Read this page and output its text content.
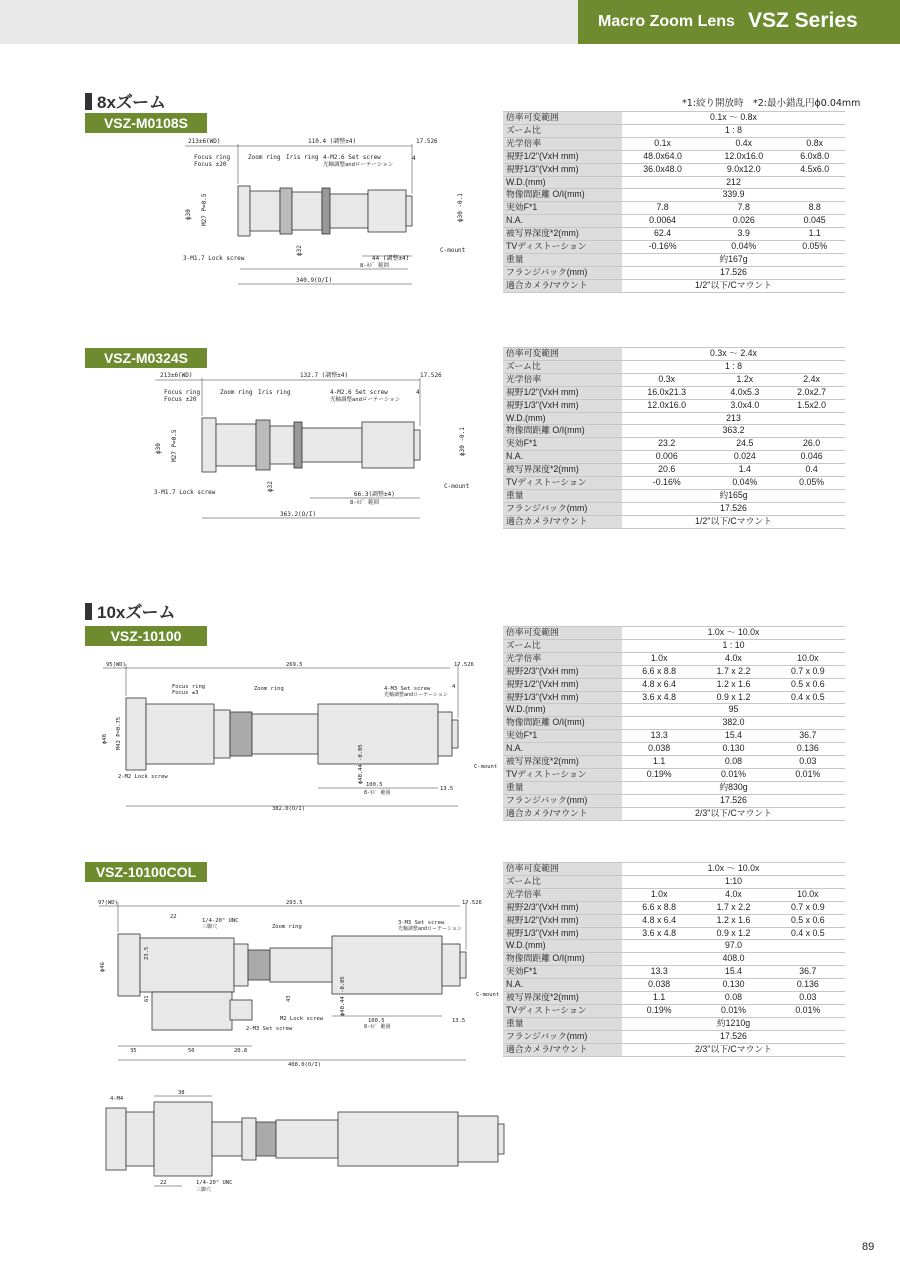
Macro Zoom Lens VSZ Series
8xズーム	*1:絞り開放時　*2:最小錯乱円ϕ0.04mm
10xズーム
VSZ-M0108S
VSZ-M0324S
VSZ-10100
VSZ-10100COL
倍率可変範囲	0.1x ～ 0.8x		
ズーム比	1 : 8		
光学倍率	0.1x	0.4x	0.8x
視野1/2"(VxH mm)	48.0x64.0	12.0x16.0	6.0x8.0
視野1/3"(VxH mm)	36.0x48.0	9.0x12.0	4.5x6.0
W.D.(mm)	212		
物像間距離 O/I(mm)	339.9		
実効F*1	7.8	7.8	8.8
N.A.	0.0064	0.026	0.045
被写界深度*2(mm)	62.4	3.9	1.1
TVディストーション	-0.16%	0.04%	0.05%
重量	約167g		
フランジバック(mm)	17.526		
適合カメラ/マウント	1/2"以下/Cマウント		
倍率可変範囲	0.3x ～ 2.4x		
ズーム比	1 : 8		
光学倍率	0.3x	1.2x	2.4x
視野1/2"(VxH mm)	16.0x21.3	4.0x5.3	2.0x2.7
視野1/3"(VxH mm)	12.0x16.0	3.0x4.0	1.5x2.0
W.D.(mm)	213		
物像間距離 O/I(mm)	363.2		
実効F*1	23.2	24.5	26.0
N.A.	0.006	0.024	0.046
被写界深度*2(mm)	20.6	1.4	0.4
TVディストーション	-0.16%	0.04%	0.05%
重量	約165g		
フランジバック(mm)	17.526		
適合カメラ/マウント	1/2"以下/Cマウント		
倍率可変範囲	1.0x ～ 10.0x		
ズーム比	1 : 10		
光学倍率	1.0x	4.0x	10.0x
視野2/3"(VxH mm)	6.6 x 8.8	1.7 x 2.2	0.7 x 0.9
視野1/2"(VxH mm)	4.8 x 6.4	1.2 x 1.6	0.5 x 0.6
視野1/3"(VxH mm)	3.6 x 4.8	0.9 x 1.2	0.4 x 0.5
W.D.(mm)	95		
物像間距離 O/I(mm)	382.0		
実効F*1	13.3	15.4	36.7
N.A.	0.038	0.130	0.136
被写界深度*2(mm)	1.1	0.08	0.03
TVディストーション	0.19%	0.01%	0.01%
重量	約830g		
フランジバック(mm)	17.526		
適合カメラ/マウント	2/3"以下/Cマウント		
倍率可変範囲	1.0x ～ 10.0x		
ズーム比	1:10		
光学倍率	1.0x	4.0x	10.0x
視野2/3"(VxH mm)	6.6 x 8.8	1.7 x 2.2	0.7 x 0.9
視野1/2"(VxH mm)	4.8 x 6.4	1.2 x 1.6	0.5 x 0.6
視野1/3"(VxH mm)	3.6 x 4.8	0.9 x 1.2	0.4 x 0.5
W.D.(mm)	97.0		
物像間距離 O/I(mm)	408.0		
実効F*1	13.3	15.4	36.7
N.A.	0.038	0.130	0.136
被写界深度*2(mm)	1.1	0.08	0.03
TVディストーション	0.19%	0.01%	0.01%
重量	約1210g		
フランジバック(mm)	17.526		
適合カメラ/マウント	2/3"以下/Cマウント		
213±6(WD)	110.4 (調整±4)	17.526
Focus ring
Focus ±20
Zoom ring Iris ring 4-M2.6 Set screw
光軸調整andローテーション
ϕ30 M27 P=0.5
ϕ32
ϕ30 -0.1
44 (調整±4)
8-ﾈｼﾞ 範囲
3-M1.7 Lock screw
C-mount
340.9(O/I)
4
213±6(WD)	132.7 (調整±4)	17.526
Focus ring
Focus ±20
Zoom ring Iris ring	4-M2.6 Set screw
光軸調整andローテーション
ϕ30 M27 P=0.5
ϕ32
ϕ30 -0.1
66.3(調整±4)
8-ﾈｼﾞ 範囲
3-M1.7 Lock screw
C-mount
363.2(O/I)
4
95(WD)	269.5	17.526
Focus ring
Focus ±3
Zoom ring	4-M3 Set screw
光軸調整andローテーション
ϕ48 M42 P=0.75
ϕ40.44 -0.05
100.5
8-ﾈｼﾞ 範囲
2-M2 Lock screw
C-mount
13.5
382.0(O/I)
4
97(WD)
22
1/4-20" UNC
三脚穴
293.5	17.526
Zoom ring
3-M3 Set screw
光軸調整andローテーション
ϕ46
23.5
61	43	ϕ40.44 -0.05	C-mount
M2 Lock screw
2-M3 Set screw
100.5
8-ﾈｼﾞ 範囲
13.5
35	50	20.8
408.0(O/I)
38
4-M4
22	1/4-20" UNC
三脚穴
89
